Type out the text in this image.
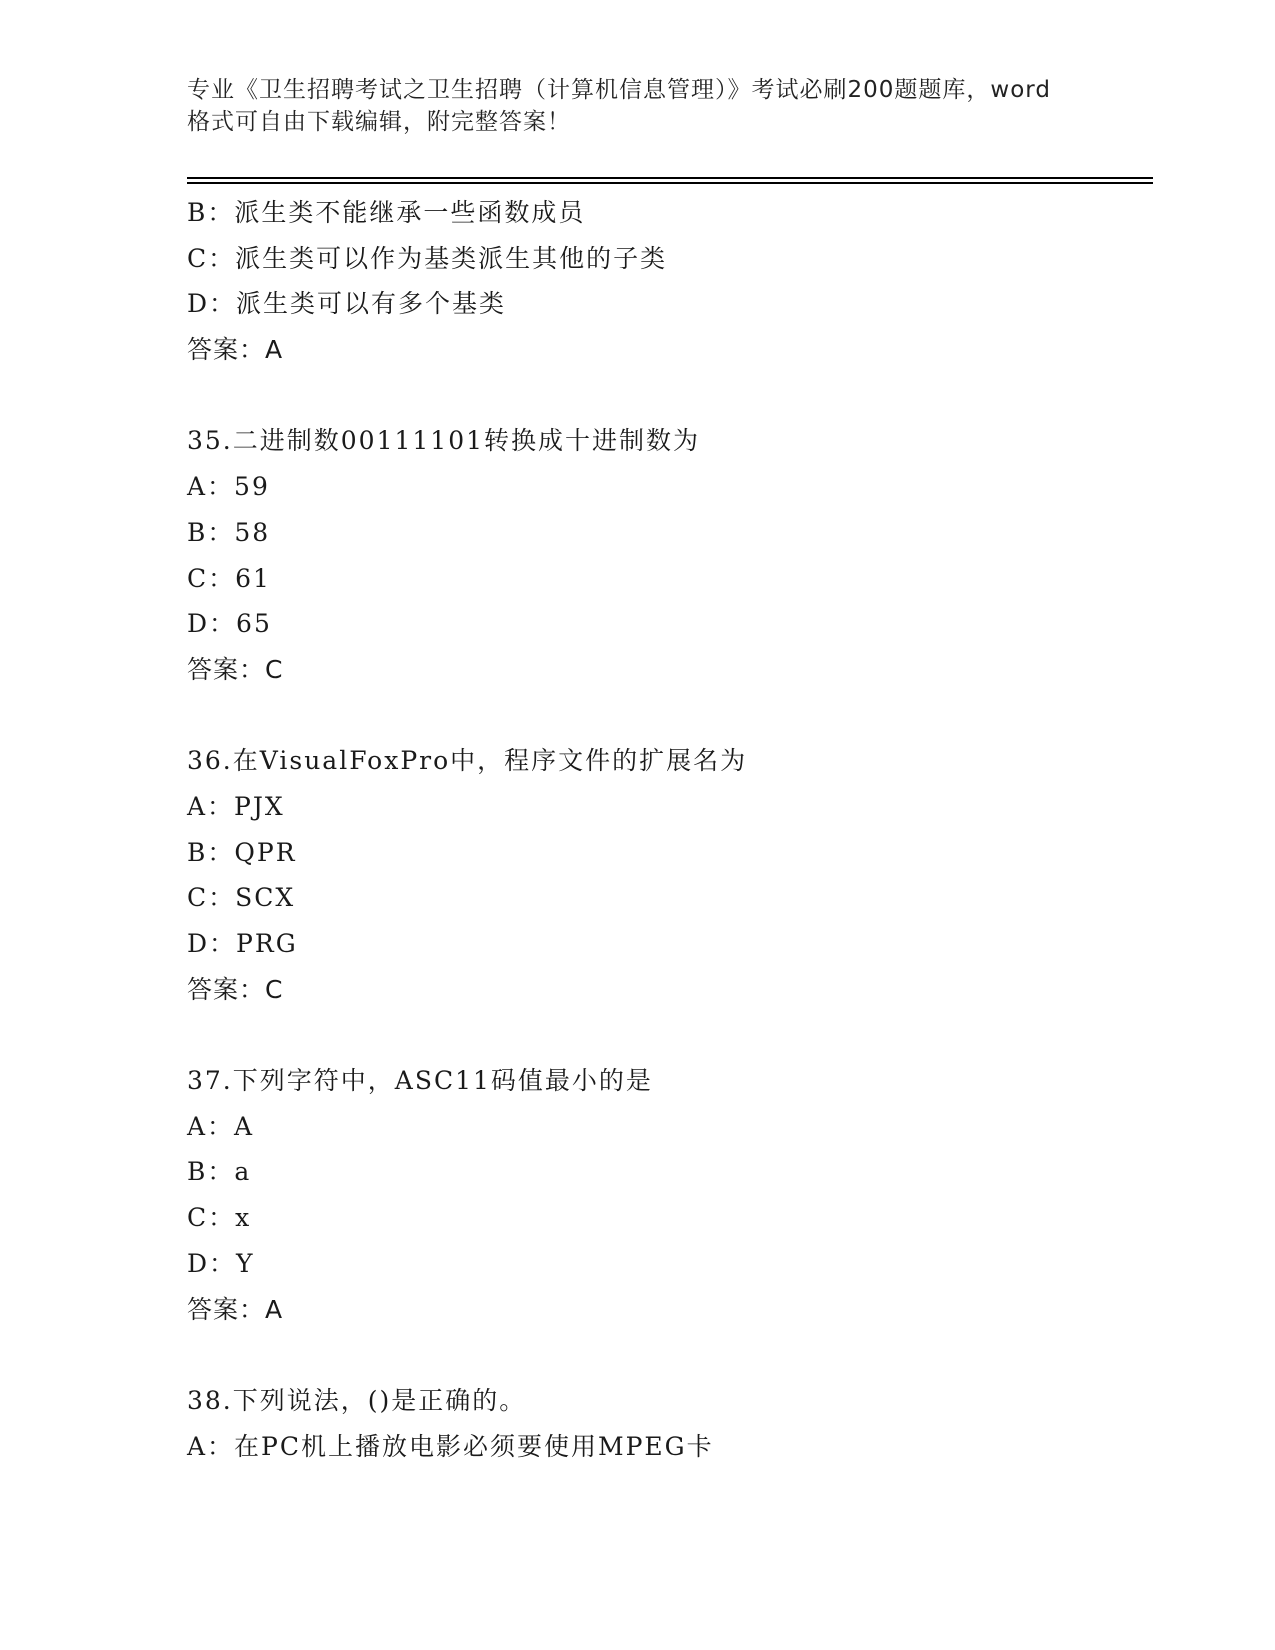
专业《卫生招聘考试之卫生招聘（计算机信息管理）》考试必刷200题题库，word
格式可自由下载编辑，附完整答案！
B：派生类不能继承一些函数成员
C：派生类可以作为基类派生其他的子类
D：派生类可以有多个基类
答案：A
35.二进制数00111101转换成十进制数为
A：59
B：58
C：61
D：65
答案：C
36.在VisualFoxPro中，程序文件的扩展名为
A：PJX
B：QPR
C：SCX
D：PRG
答案：C
37.下列字符中，ASC11码值最小的是
A：A
B：a
C：x
D：Y
答案：A
38.下列说法，()是正确的。
A：在PC机上播放电影必须要使用MPEG卡
